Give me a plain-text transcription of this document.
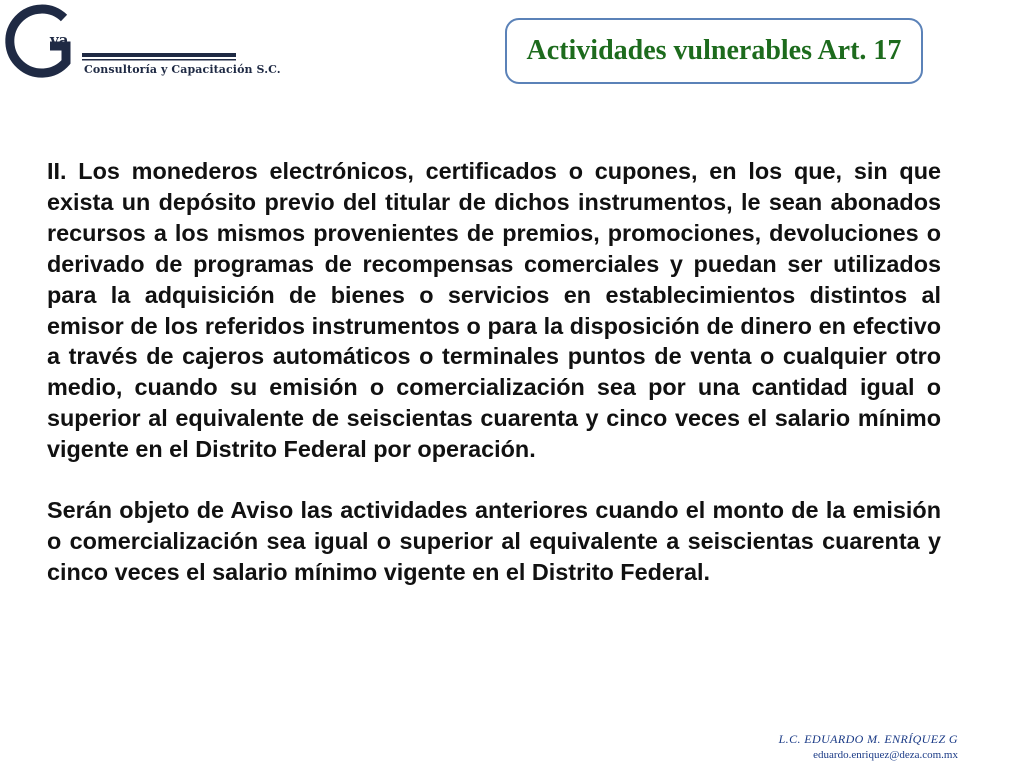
va
Consultoría y Capacitación S.C.
Actividades vulnerables Art. 17

II. Los monederos electrónicos, certificados o cupones, en los que, sin que exista un depósito previo del titular de dichos instrumentos, le sean abonados recursos a los mismos provenientes de premios, promociones, devoluciones o derivado de programas de recompensas comerciales y puedan ser utilizados para la adquisición de bienes o servicios en establecimientos distintos al emisor de los referidos instrumentos o para la disposición de dinero en efectivo a través de cajeros automáticos o terminales puntos de venta o cualquier otro medio, cuando su emisión o comercialización sea por una cantidad igual o superior al equivalente de seiscientas cuarenta y cinco veces el salario mínimo vigente en el Distrito Federal por operación.

Serán objeto de Aviso las actividades anteriores cuando el monto de la emisión o comercialización sea igual o superior al equivalente a seiscientas cuarenta y cinco veces el salario mínimo vigente en el Distrito Federal.

L.C. EDUARDO M. ENRÍQUEZ G
eduardo.enriquez@deza.com.mx
